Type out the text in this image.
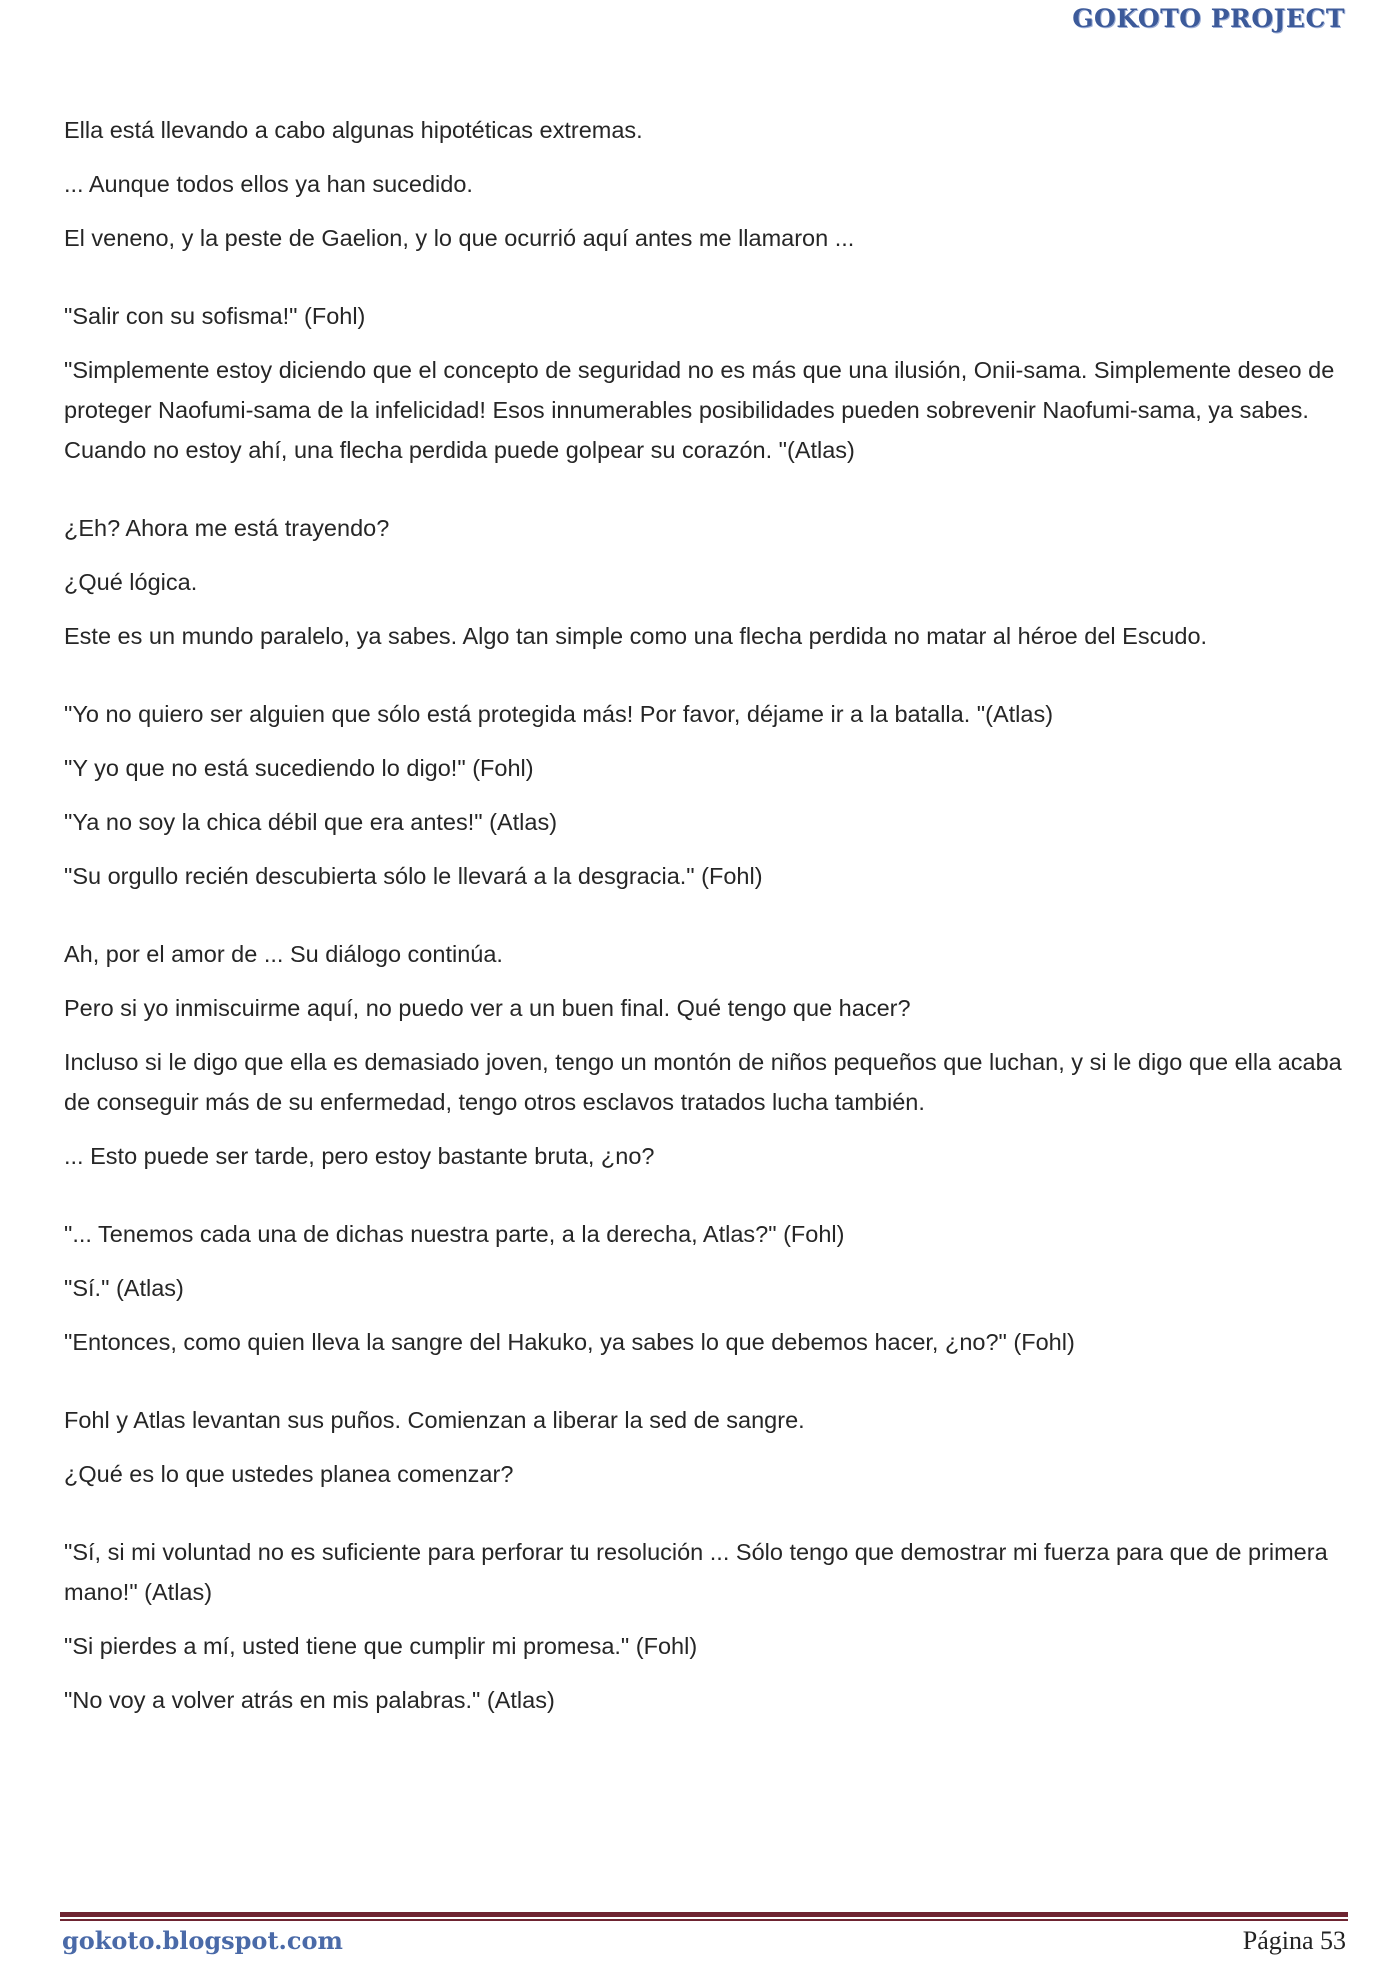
GOKOTO PROJECT

Ella está llevando a cabo algunas hipotéticas extremas.

... Aunque todos ellos ya han sucedido.

El veneno, y la peste de Gaelion, y lo que ocurrió aquí antes me llamaron ...

"Salir con su sofisma!" (Fohl)

"Simplemente estoy diciendo que el concepto de seguridad no es más que una ilusión, Onii-sama. Simplemente deseo de proteger Naofumi-sama de la infelicidad! Esos innumerables posibilidades pueden sobrevenir Naofumi-sama, ya sabes. Cuando no estoy ahí, una flecha perdida puede golpear su corazón. "(Atlas)

¿Eh? Ahora me está trayendo?

¿Qué lógica.

Este es un mundo paralelo, ya sabes. Algo tan simple como una flecha perdida no matar al héroe del Escudo.

"Yo no quiero ser alguien que sólo está protegida más! Por favor, déjame ir a la batalla. "(Atlas)

"Y yo que no está sucediendo lo digo!" (Fohl)

"Ya no soy la chica débil que era antes!" (Atlas)

"Su orgullo recién descubierta sólo le llevará a la desgracia." (Fohl)

Ah, por el amor de ... Su diálogo continúa.

Pero si yo inmiscuirme aquí, no puedo ver a un buen final. Qué tengo que hacer?

Incluso si le digo que ella es demasiado joven, tengo un montón de niños pequeños que luchan, y si le digo que ella acaba de conseguir más de su enfermedad, tengo otros esclavos tratados lucha también.

... Esto puede ser tarde, pero estoy bastante bruta, ¿no?

"... Tenemos cada una de dichas nuestra parte, a la derecha, Atlas?" (Fohl)

"Sí." (Atlas)

"Entonces, como quien lleva la sangre del Hakuko, ya sabes lo que debemos hacer, ¿no?" (Fohl)

Fohl y Atlas levantan sus puños. Comienzan a liberar la sed de sangre.

¿Qué es lo que ustedes planea comenzar?

"Sí, si mi voluntad no es suficiente para perforar tu resolución ... Sólo tengo que demostrar mi fuerza para que de primera mano!" (Atlas)

"Si pierdes a mí, usted tiene que cumplir mi promesa." (Fohl)

"No voy a volver atrás en mis palabras." (Atlas)

gokoto.blogspot.com	Página 53
